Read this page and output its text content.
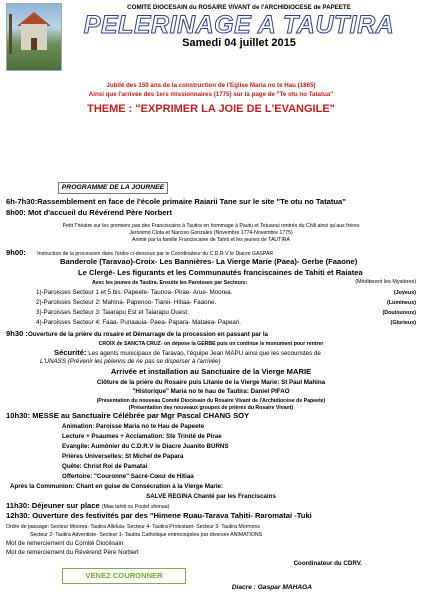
COMITE DIOCESAIN du ROSAIRE VIVANT de l'ARCHIDIOCESE de PAPEETE
PELERINAGE A TAUTIRA
Samedi 04 juillet 2015
Jubilé des 150 ans de la construction de l'Eglise Maria no te Hau (1865)
Ainsi que l'arrivée des 1ers missionnaires (1775) sur la page de "Te otu no Tatatua"
THEME : "EXPRIMER LA JOIE DE L'EVANGILE"
PROGRAMME DE LA JOURNEE
6h-7h30:Rassemblement en face de l'école primaire Raiarii Tane sur le site "Te otu no Tatatua"
8h00: Mot d'accueil du Révérend Père Norbert
Petit Théatre sur les premiers pas des Franciscains à Tautira en hommage à Pautu et Tetuanui rentrés du Chili ainsi qu'aux frères
Jeronimo Clota et Narciso Gonzales (Novembre 1774-Novembre 1775)
Animé par la famille Franciscaine de Tahiti et les jeunes de TAUTIRA
9h00: Instruction de la procession dans l'ordre ci-dessous par le Coordinateur du C.D.R.V le Diacre GASPAR
Banderole (Taravao)-Croix- Les Bannières- La Vierge Marie (Paea)- Gerbe (Faaone)
Le Clergé- Les figurants et les Communautés franciscaines de Tahiti et Raiatea
Avec les jeunes de Tautira. Ensuite les Paroisses par Secteurs:	(Méditerent les Mystères)
1)-Paroisses Secteur 1 et 5 bis: Papeete- Taunoa- Pirae- Arue- Moorea.	(Joyeux)
2)-Paroisses Secteur 2: Mahina- Papenoo- Tiarei- Hitiaa- Faaone.	(Lumineux)
3)-Paroisses Secteur 3: Taiarapu Est et Taiarapu Ouest.	(Douloureux)
4)-Paroisses Secteur 4: Faaa- Punaauia- Paea- Papara- Mataiea- Papeari.	(Glorieux)
9h30 :Ouverture de la prière du rosaire et Démarrage de la procession en passant par la
CROIX de SANCTA CRUZ- on dépose la GERBE puis on continue le monument pour rentrer
Sécurité: Les agents municipaux de Taravao, l'équipe Jean MAPU ainsi que les secouristes de
L'UNASS (Prévenir les pèlerins de ne pas se disperser à l'arrivée)
Arrivée et installation au Sanctuaire de la Vierge MARIE
Clôture de la prière du Rosaire puis Litanie de la Vierge Marie: St Paul Mahina
"Historique" Maria no te hau de Tautira: Daniel PIFAO
(Présentation du nouveau Comité Diocésain du Rosaire Vivant de l'Archidiocèse de Papeete)
(Présentation des nouveaux groupes de prières du Rosaire Vivant)
10h30: MESSE au Sanctuaire Célébrée par Mgr Pascal CHANG SOY
Animation: Paroisse Maria no te Hau de Papeete
Lecture + Psaumes + Acclamation: Ste Trinité de Pirae
Evangile: Aumônier du C.D.R.V le Diacre Juanito BURNS
Prières Universelles: St Michel de Papara
Quête: Christ Roi de Pamatai
Offertoire: "Couronne" Sacré-Cœur de Hitiaa
Après la Communion: Chant en guise de Consécration à la Vierge Marie:
SALVE REGINA Chanté par les Franciscains
11h30: Déjeuner sur place (Maa tahiti ou Poulet shimaa)
12h30: Ouverture des festivités par des "Himene Ruau-Tarava Tahiti- Raromatai -Tuki
Ordre de passage: Secteur Moorea- Tautira Alleluia- Secteur 4- Tautira Protestant- Secteur 3- Tautira Mormons
Secteur 2- Tautira Adventiste- Secteur 1- Tautira Catholique entrecoupées par diverses ANIMATIONS
Mot de remerciement du Comité Diocésain
Mot de remerciement du Révérend Père Norbert
Coordinateur du CDRV.
VENEZ COURONNER
Diacre : Gaspar MAHAGA
